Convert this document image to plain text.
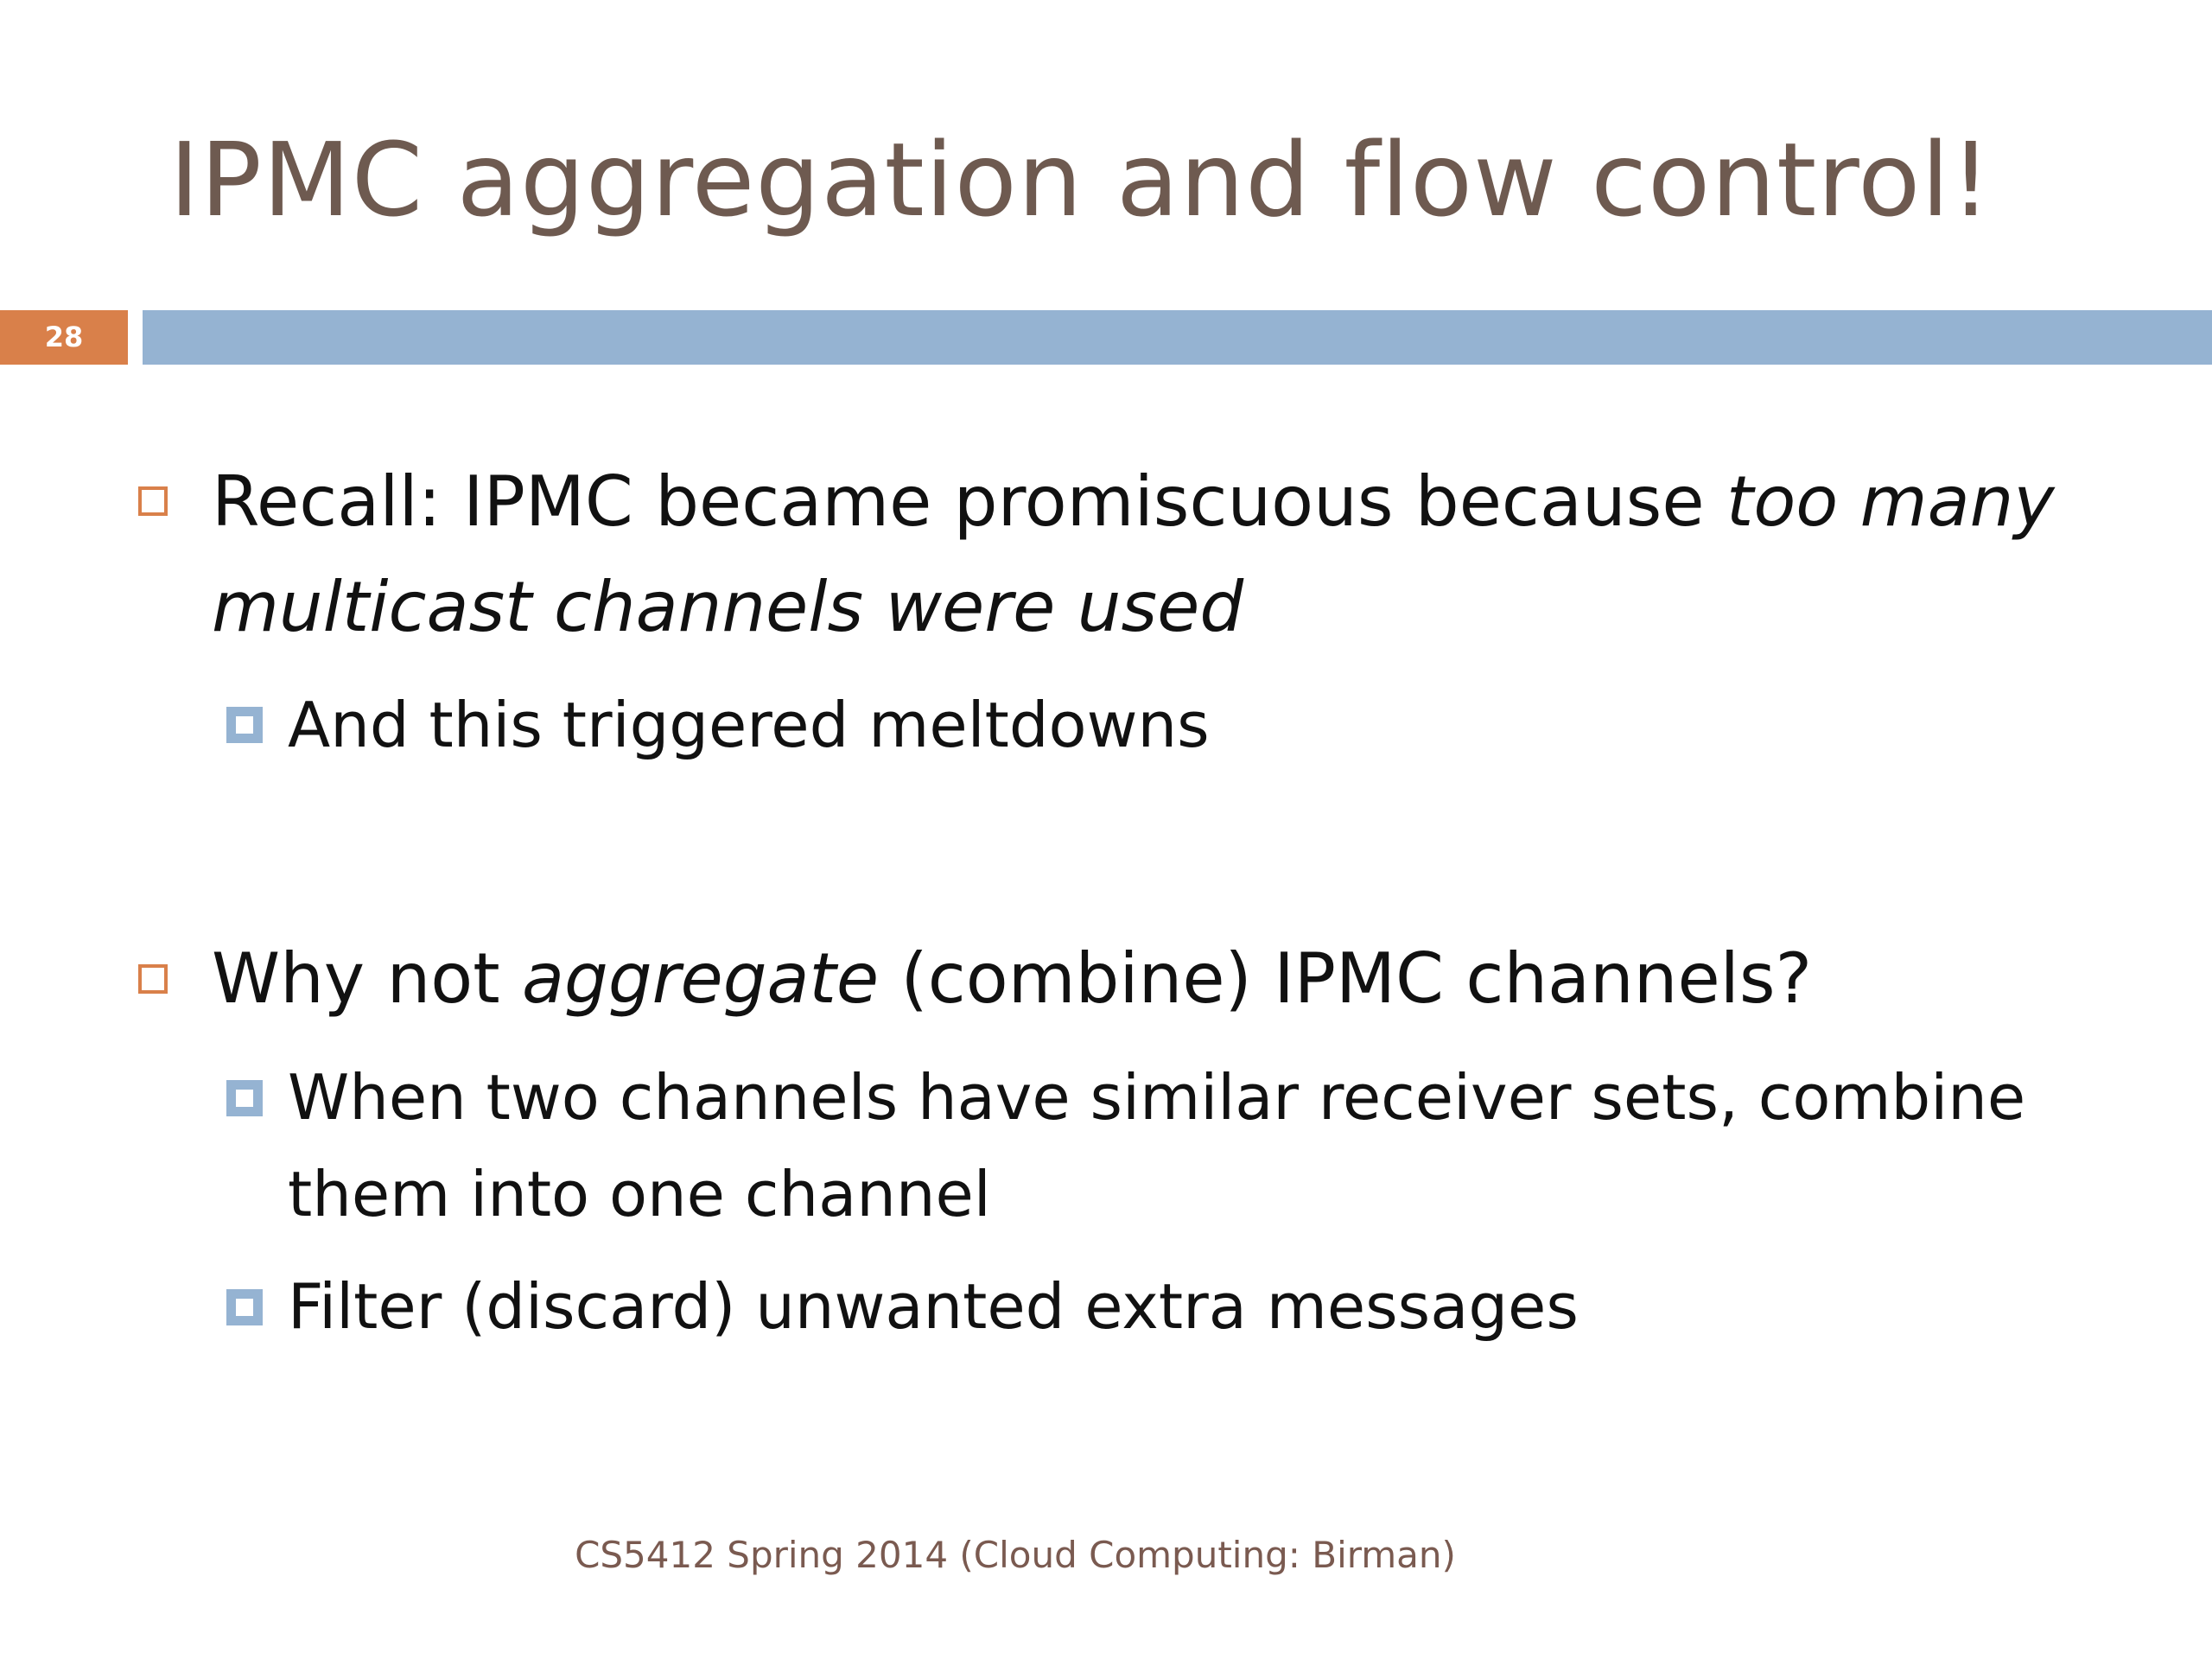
IPMC aggregation and flow control!
28
Recall: IPMC became promiscuous because too many multicast channels were used
And this triggered meltdowns
Why not aggregate (combine) IPMC channels?
When two channels have similar receiver sets, combine them into one channel
Filter (discard) unwanted extra messages
CS5412 Spring 2014 (Cloud Computing: Birman)
